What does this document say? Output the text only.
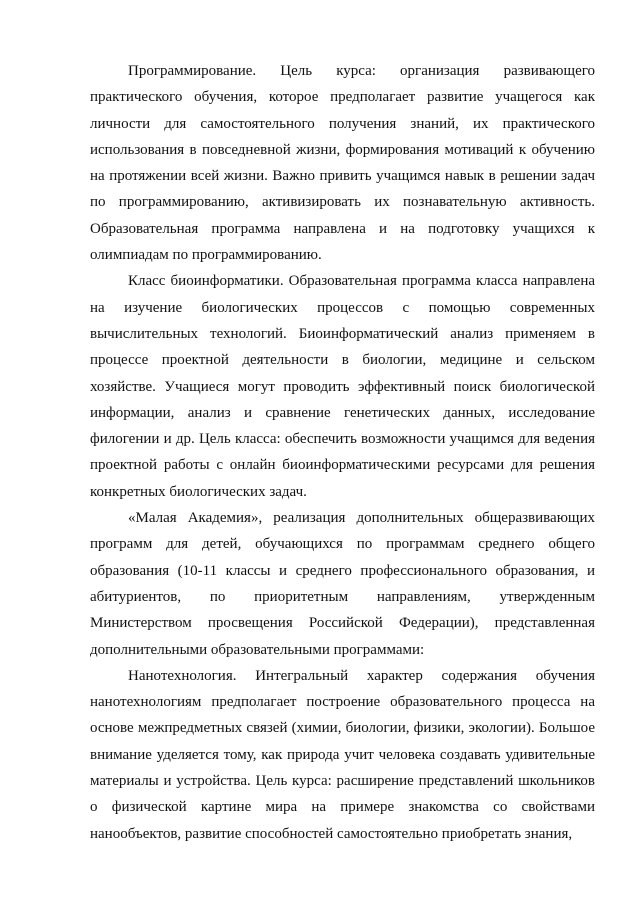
Программирование. Цель курса: организация развивающего практического обучения, которое предполагает развитие учащегося как личности для самостоятельного получения знаний, их практического использования в повседневной жизни, формирования мотиваций к обучению на протяжении всей жизни. Важно привить учащимся навык в решении задач по программированию, активизировать их познавательную активность. Образовательная программа направлена и на подготовку учащихся к олимпиадам по программированию.

Класс биоинформатики. Образовательная программа класса направлена на изучение биологических процессов с помощью современных вычислительных технологий. Биоинформатический анализ применяем в процессе проектной деятельности в биологии, медицине и сельском хозяйстве. Учащиеся могут проводить эффективный поиск биологической информации, анализ и сравнение генетических данных, исследование филогении и др. Цель класса: обеспечить возможности учащимся для ведения проектной работы с онлайн биоинформатическими ресурсами для решения конкретных биологических задач.

«Малая Академия», реализация дополнительных общеразвивающих программ для детей, обучающихся по программам среднего общего образования (10-11 классы и среднего профессионального образования, и абитуриентов, по приоритетным направлениям, утвержденным Министерством просвещения Российской Федерации), представленная дополнительными образовательными программами:

Нанотехнология. Интегральный характер содержания обучения нанотехнологиям предполагает построение образовательного процесса на основе межпредметных связей (химии, биологии, физики, экологии). Большое внимание уделяется тому, как природа учит человека создавать удивительные материалы и устройства. Цель курса: расширение представлений школьников о физической картине мира на примере знакомства со свойствами нанообъектов, развитие способностей самостоятельно приобретать знания,
